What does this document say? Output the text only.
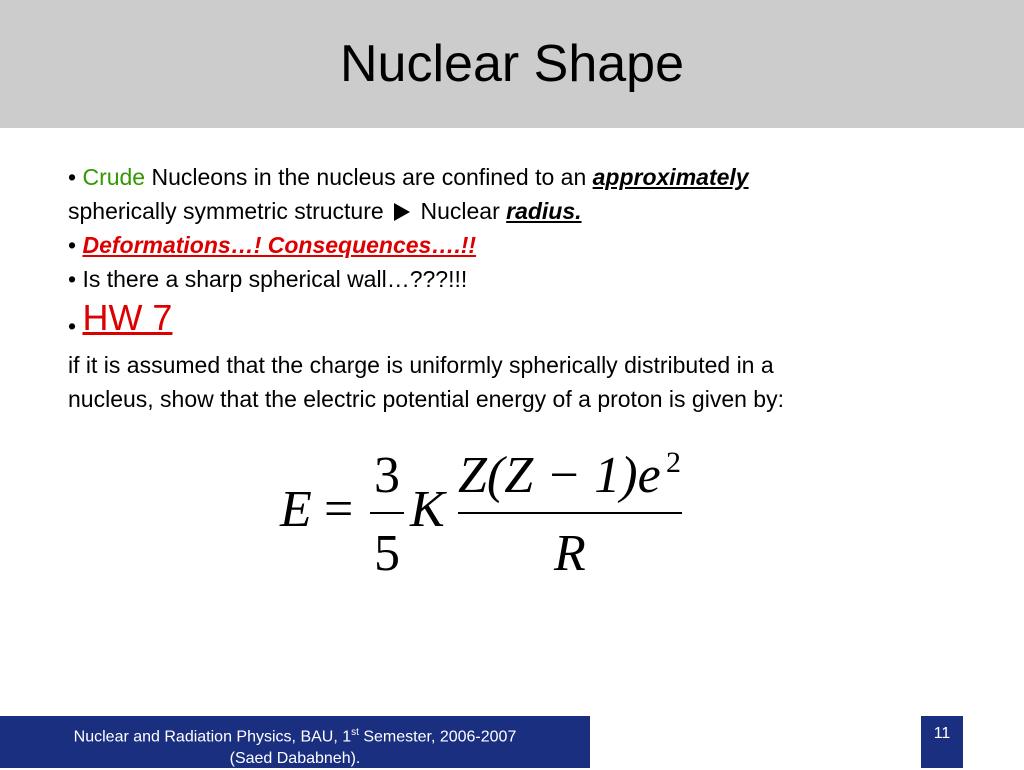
Nuclear Shape
• Crude Nucleons in the nucleus are confined to an approximately
spherically symmetric structure Nuclear radius.
• Deformations…! Consequences….!!
• Is there a sharp spherical wall…???!!!
• HW 7
if it is assumed that the charge is uniformly spherically distributed in a
nucleus, show that the electric potential energy of a proton is given by:
E =
3
5
K
Z(Z − 1)e 2
R
Nuclear and Radiation Physics, BAU, 1st Semester, 2006-2007
(Saed Dababneh).
11
